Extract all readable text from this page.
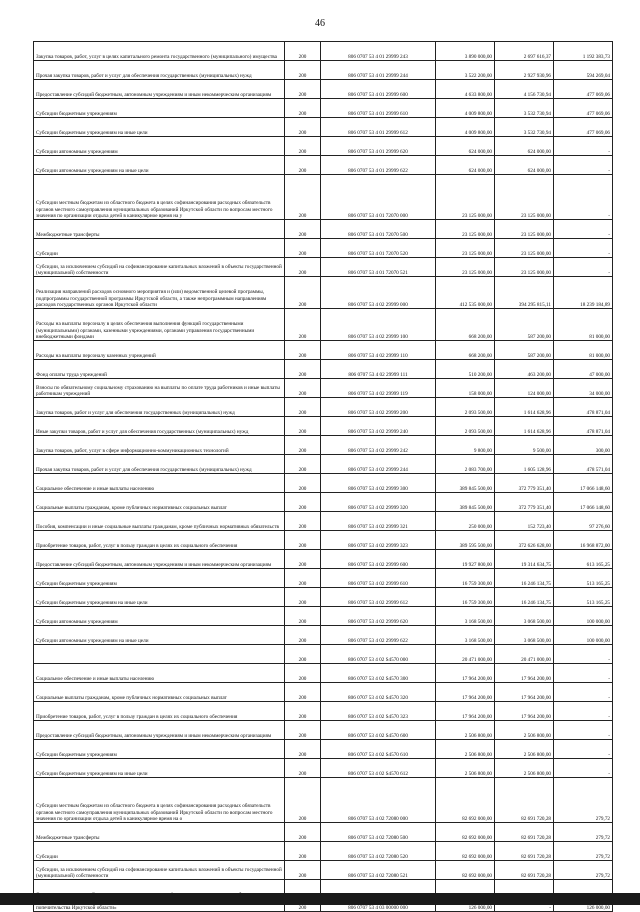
46
Закупка товаров, работ, услуг в целях капитального ремонта государственного (муниципального) имущества	200	806 0707 53 4 01 29999 243	3 890 000,00	2 697 616,37	1 192 383,73
Прочая закупка товаров, работ и услуг для обеспечения государственных (муниципальных) нужд	200	806 0707 53 4 01 29999 244	3 522 200,00	2 927 930,96	594 269,04
Предоставление субсидий бюджетным, автономным учреждениям и иным некоммерческим организациям	200	806 0707 53 4 01 29999 600	4 633 800,00	4 156 730,94	477 069,06
Субсидии бюджетным учреждениям	200	806 0707 53 4 01 29999 610	4 009 800,00	3 532 730,94	477 069,06
Субсидии бюджетным учреждениям на иные цели	200	806 0707 53 4 01 29999 612	4 009 800,00	3 532 730,94	477 069,06
Субсидии автономным учреждениям	200	806 0707 53 4 01 29999 620	624 000,00	624 000,00	-
Субсидии автономным учреждениям на иные цели	200	806 0707 53 4 01 29999 622	624 000,00	624 000,00	-
Субсидии местным бюджетам из областного бюджета в целях софинансирования расходных обязательств органов местного самоуправления муниципальных образований Иркутской области по вопросам местного значения по организации отдыха детей в каникулярное время на у	200	806 0707 53 4 01 72070 000	23 125 000,00	23 125 000,00	-
Межбюджетные трансферты	200	806 0707 53 4 01 72070 500	23 125 000,00	23 125 000,00	-
Субсидии	200	806 0707 53 4 01 72070 520	23 125 000,00	23 125 000,00	-
Субсидии, за исключением субсидий на софинансирование капитальных вложений в объекты государственной (муниципальной) собственности	200	806 0707 53 4 01 72070 521	23 125 000,00	23 125 000,00	-
Реализация направлений расходов основного мероприятия и (или) ведомственной целевой программы, подпрограммы государственной программы Иркутской области, а также непрограммным направлениям расходов государственных органов Иркутской области	200	806 0707 53 4 02 29999 000	412 535 000,00	394 295 815,11	18 239 184,89
Расходы на выплаты персоналу в целях обеспечения выполнения функций государственными (муниципальными) органами, казенными учреждениями, органами управления государственными внебюджетными фондами	200	806 0707 53 4 02 29999 100	668 200,00	587 200,00	81 000,00
Расходы на выплаты персоналу казенных учреждений	200	806 0707 53 4 02 29999 110	668 200,00	587 200,00	81 000,00
Фонд оплаты труда учреждений	200	806 0707 53 4 02 29999 111	510 200,00	463 200,00	47 000,00
Взносы по обязательному социальному страхованию на выплаты по оплате труда работников и иные выплаты работникам учреждений	200	806 0707 53 4 02 29999 119	158 000,00	124 000,00	34 000,00
Закупка товаров, работ и услуг для обеспечения государственных (муниципальных) нужд	200	806 0707 53 4 02 29999 200	2 093 500,00	1 614 628,96	478 871,04
Иные закупки товаров, работ и услуг для обеспечения государственных (муниципальных) нужд	200	806 0707 53 4 02 29999 240	2 093 500,00	1 614 628,96	478 871,04
Закупка товаров, работ, услуг в сфере информационно-коммуникационных технологий	200	806 0707 53 4 02 29999 242	9 800,00	9 500,00	300,00
Прочая закупка товаров, работ и услуг для обеспечения государственных (муниципальных) нужд	200	806 0707 53 4 02 29999 244	2 083 700,00	1 605 128,96	478 571,04
Социальное обеспечение и иные выплаты населению	200	806 0707 53 4 02 29999 300	389 845 500,00	372 779 351,40	17 066 148,60
Социальные выплаты гражданам, кроме публичных нормативных социальных выплат	200	806 0707 53 4 02 29999 320	389 845 500,00	372 779 351,40	17 066 148,60
Пособия, компенсации и иные социальные выплаты гражданам, кроме публичных нормативных обязательств	200	806 0707 53 4 02 29999 321	250 000,00	152 723,40	97 276,60
Приобретение товаров, работ, услуг в пользу граждан в целях их социального обеспечения	200	806 0707 53 4 02 29999 323	389 595 500,00	372 626 628,00	16 968 872,00
Предоставление субсидий бюджетным, автономным учреждениям и иным некоммерческим организациям	200	806 0707 53 4 02 29999 600	19 927 800,00	19 314 634,75	613 165,25
Субсидии бюджетным учреждениям	200	806 0707 53 4 02 29999 610	16 759 300,00	16 246 134,75	513 165,25
Субсидии бюджетным учреждениям на иные цели	200	806 0707 53 4 02 29999 612	16 759 300,00	16 246 134,75	513 165,25
Субсидии автономным учреждениям	200	806 0707 53 4 02 29999 620	3 168 500,00	3 068 500,00	100 000,00
Субсидии автономным учреждениям на иные цели	200	806 0707 53 4 02 29999 622	3 168 500,00	3 068 500,00	100 000,00
	200	806 0707 53 4 02 S4570 000	20 471 000,00	20 471 000,00	-
Социальное обеспечение и иные выплаты населению	200	806 0707 53 4 02 S4570 300	17 964 200,00	17 964 200,00	-
Социальные выплаты гражданам, кроме публичных нормативных социальных выплат	200	806 0707 53 4 02 S4570 320	17 964 200,00	17 964 200,00	-
Приобретение товаров, работ, услуг в пользу граждан в целях их социального обеспечения	200	806 0707 53 4 02 S4570 323	17 964 200,00	17 964 200,00	-
Предоставление субсидий бюджетным, автономным учреждениям и иным некоммерческим организациям	200	806 0707 53 4 02 S4570 600	2 506 800,00	2 506 800,00	-
Субсидии бюджетным учреждениям	200	806 0707 53 4 02 S4570 610	2 506 800,00	2 506 800,00	-
Субсидии бюджетным учреждениям на иные цели	200	806 0707 53 4 02 S4570 612	2 506 800,00	2 506 800,00	-
Субсидии местным бюджетам из областного бюджета в целях софинансирования расходных обязательств органов местного самоуправления муниципальных образований Иркутской области по вопросам местного значения по организации отдыха детей в каникулярное время на о	200	806 0707 53 4 02 72080 000	82 692 000,00	82 691 720,28	279,72
Межбюджетные трансферты	200	806 0707 53 4 02 72080 500	82 692 000,00	82 691 720,28	279,72
Субсидии	200	806 0707 53 4 02 72080 520	82 692 000,00	82 691 720,28	279,72
Субсидии, за исключением субсидий на софинансирование капитальных вложений в объекты государственной (муниципальной) собственности	200	806 0707 53 4 02 72080 521	82 692 000,00	82 691 720,28	279,72
попечительства Иркутской области»	200	806 0707 53 4 03 00000 000	126 000,00	-	126 000,00
